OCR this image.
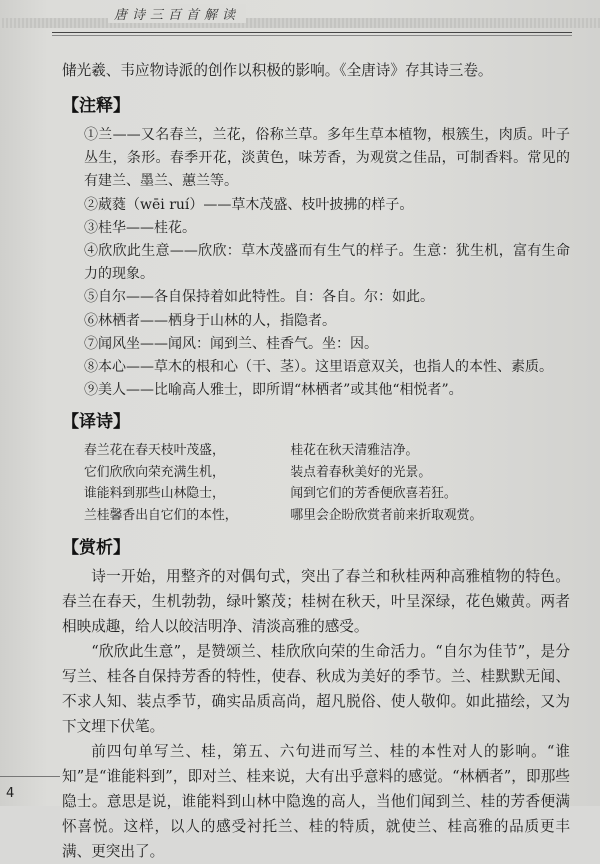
唐诗三百首解读

储光羲、韦应物诗派的创作以积极的影响。《全唐诗》存其诗三卷。

【注释】

①兰——又名春兰，兰花，俗称兰草。多年生草本植物，根簇生，肉质。叶子丛生，条形。春季开花，淡黄色，味芳香，为观赏之佳品，可制香料。常见的有建兰、墨兰、蕙兰等。

②葳蕤（wēi ruí）——草木茂盛、枝叶披拂的样子。

③桂华——桂花。

④欣欣此生意——欣欣：草木茂盛而有生气的样子。生意：犹生机，富有生命力的现象。

⑤自尔——各自保持着如此特性。自：各自。尔：如此。

⑥林栖者——栖身于山林的人，指隐者。

⑦闻风坐——闻风：闻到兰、桂香气。坐：因。

⑧本心——草木的根和心（干、茎）。这里语意双关，也指人的本性、素质。

⑨美人——比喻高人雅士，即所谓“林栖者”或其他“相悦者”。

【译诗】
春兰花在春天枝叶茂盛，	桂花在秋天清雅洁净。
它们欣欣向荣充满生机，	装点着春秋美好的光景。
谁能料到那些山林隐士，	闻到它们的芳香便欣喜若狂。
兰桂馨香出自它们的本性，	哪里会企盼欣赏者前来折取观赏。
【赏析】

诗一开始，用整齐的对偶句式，突出了春兰和秋桂两种高雅植物的特色。春兰在春天，生机勃勃，绿叶繁茂；桂树在秋天，叶呈深绿，花色嫩黄。两者相映成趣，给人以皎洁明净、清淡高雅的感受。

“欣欣此生意”，是赞颂兰、桂欣欣向荣的生命活力。“自尔为佳节”，是分写兰、桂各自保持芳香的特性，使春、秋成为美好的季节。兰、桂默默无闻、不求人知、装点季节，确实品质高尚，超凡脱俗、使人敬仰。如此描绘，又为下文埋下伏笔。

前四句单写兰、桂，第五、六句进而写兰、桂的本性对人的影响。“谁知”是“谁能料到”，即对兰、桂来说，大有出乎意料的感觉。“林栖者”，即那些隐士。意思是说，谁能料到山林中隐逸的高人，当他们闻到兰、桂的芳香便满怀喜悦。这样，以人的感受衬托兰、桂的特质，就使兰、桂高雅的品质更丰满、更突出了。

4
